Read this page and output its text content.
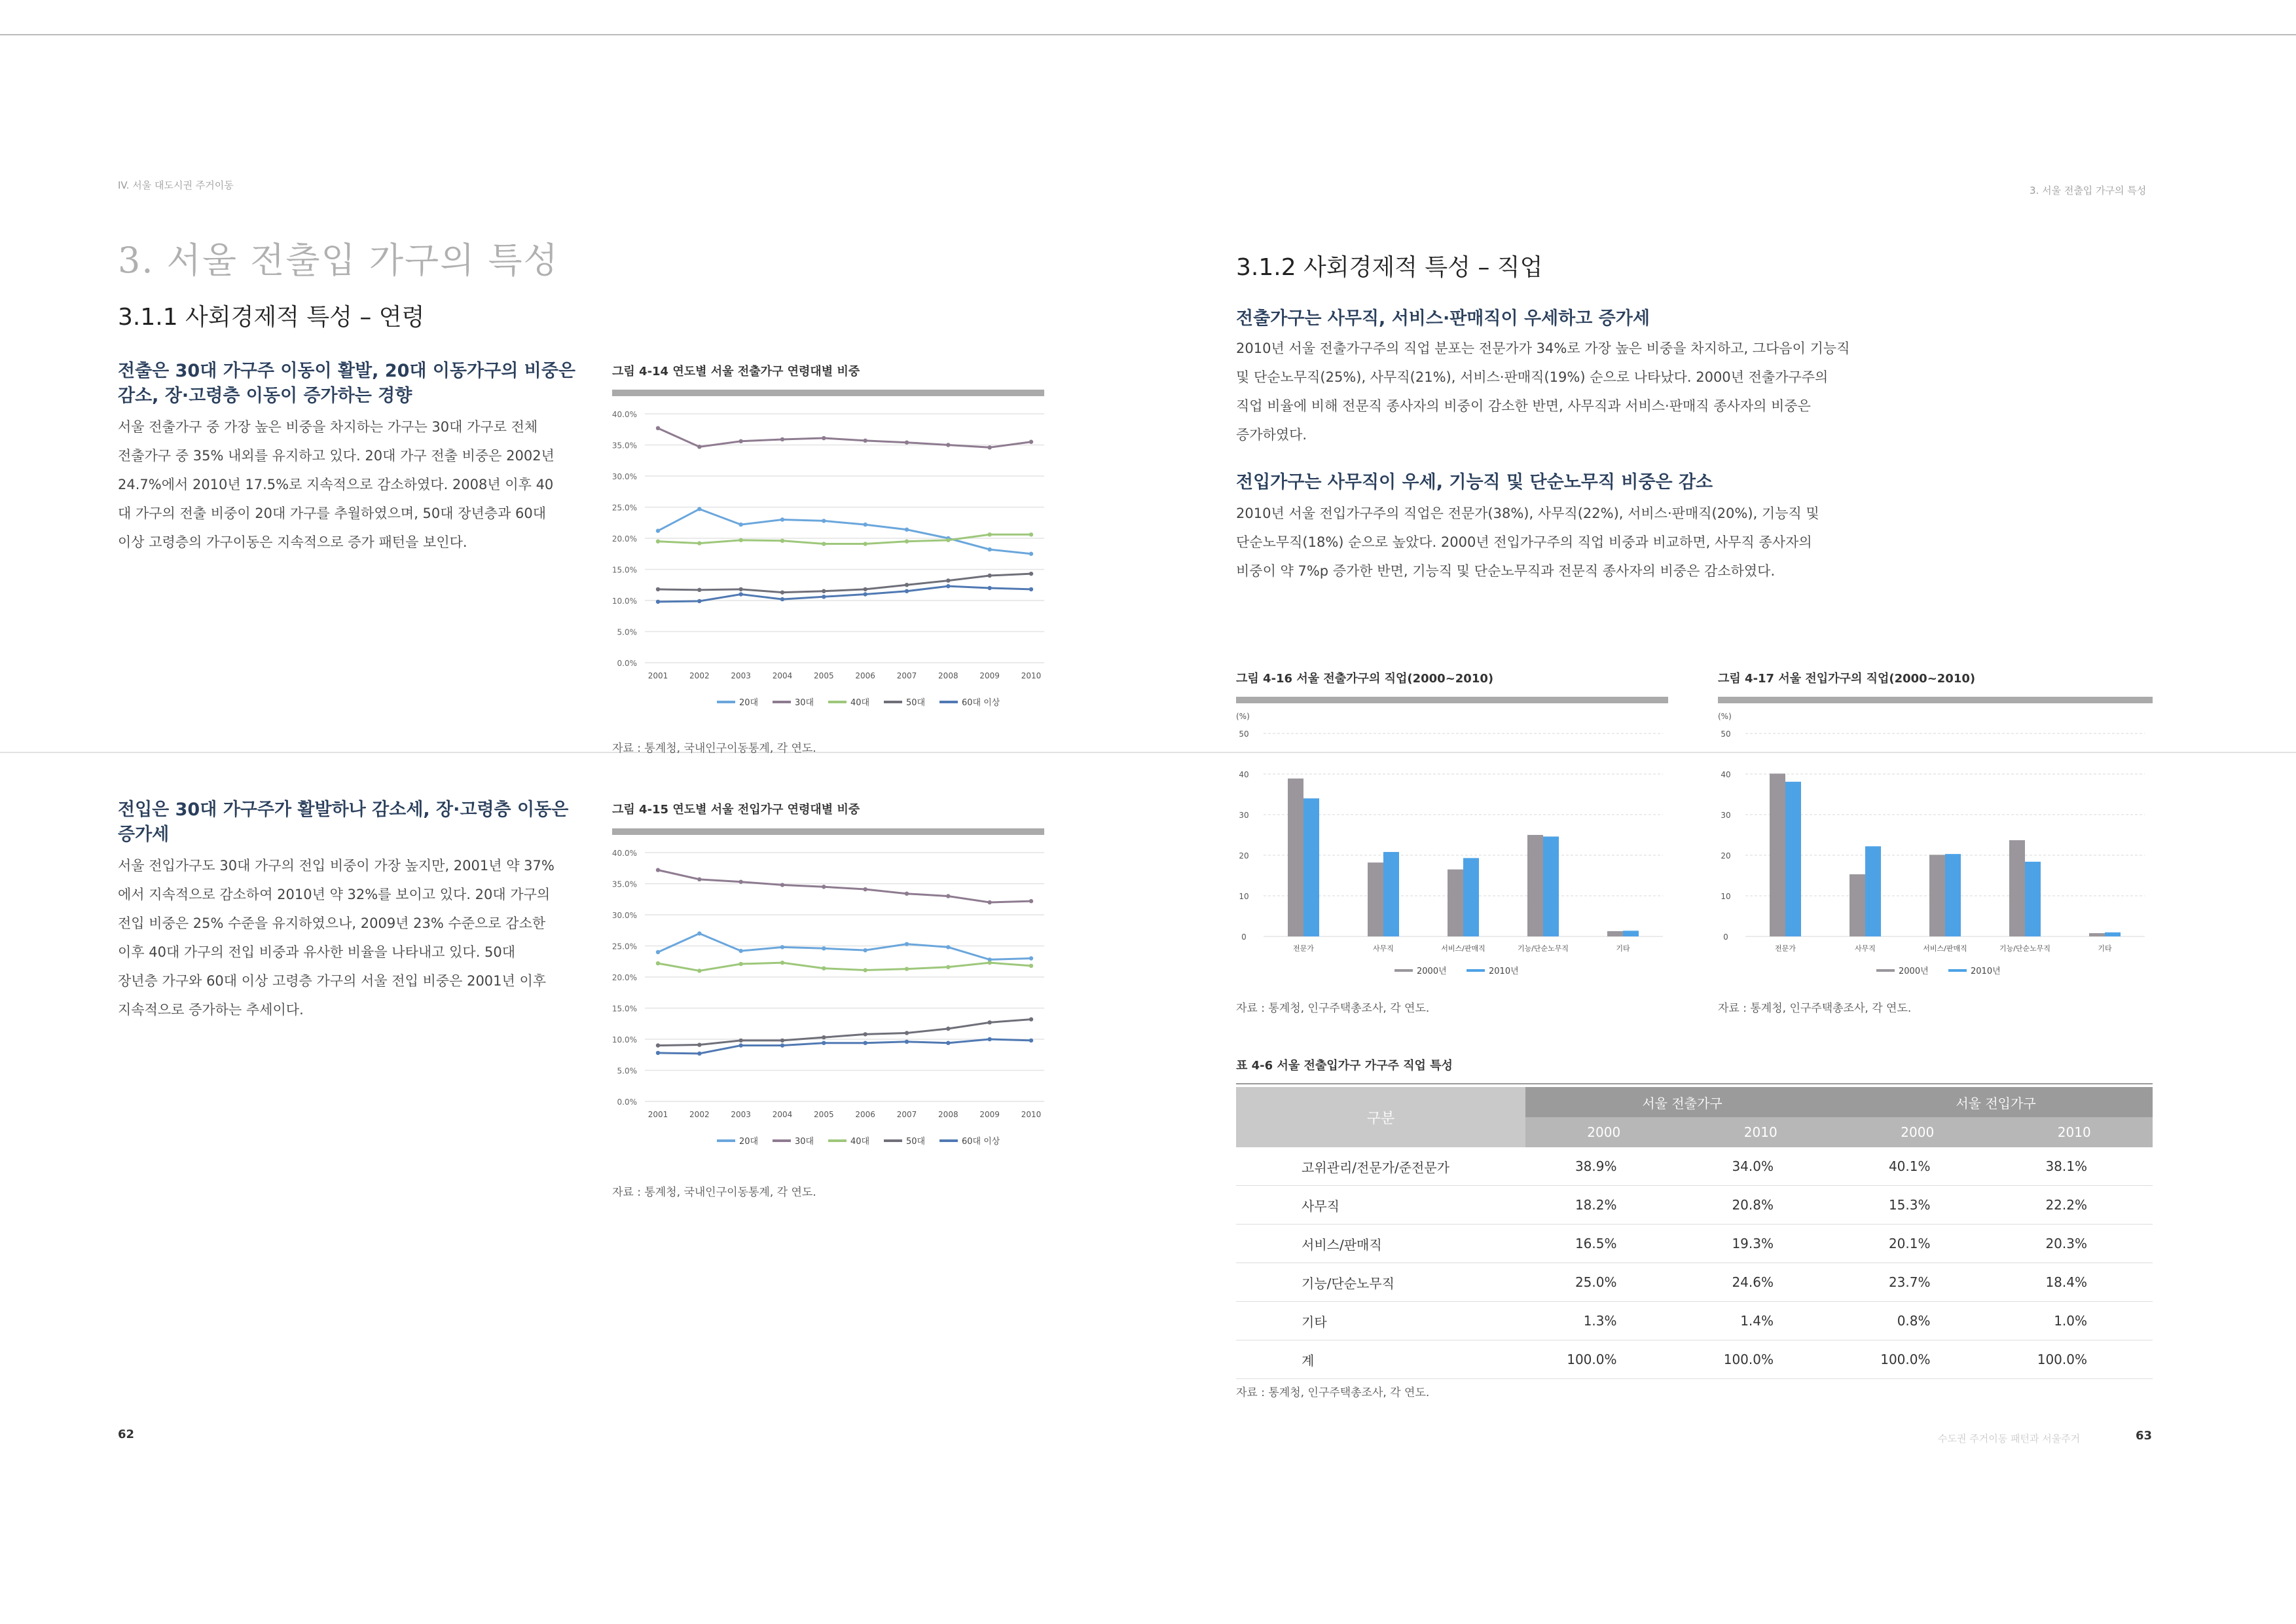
IV. 서울 대도시권 주거이동
3. 서울 전출입 가구의 특성
3.1.1 사회경제적 특성 – 연령
전출은 30대 가구주 이동이 활발, 20대 이동가구의 비중은
감소, 장·고령층 이동이 증가하는 경향
서울 전출가구 중 가장 높은 비중을 차지하는 가구는 30대 가구로 전체
전출가구 중 35% 내외를 유지하고 있다. 20대 가구 전출 비중은 2002년
24.7%에서 2010년 17.5%로 지속적으로 감소하였다. 2008년 이후 40
대 가구의 전출 비중이 20대 가구를 추월하였으며, 50대 장년층과 60대
이상 고령층의 가구이동은 지속적으로 증가 패턴을 보인다.
전입은 30대 가구주가 활발하나 감소세, 장·고령층 이동은
증가세
서울 전입가구도 30대 가구의 전입 비중이 가장 높지만, 2001년 약 37%
에서 지속적으로 감소하여 2010년 약 32%를 보이고 있다. 20대 가구의
전입 비중은 25% 수준을 유지하였으나, 2009년 23% 수준으로 감소한
이후 40대 가구의 전입 비중과 유사한 비율을 나타내고 있다. 50대
장년층 가구와 60대 이상 고령층 가구의 서울 전입 비중은 2001년 이후
지속적으로 증가하는 추세이다.
그림 4-14 연도별 서울 전출가구 연령대별 비중
0.0%
5.0%
10.0%
15.0%
20.0%
25.0%
30.0%
35.0%
40.0%
2001	2002	2003	2004	2005	2006	2007	2008	2009	2010
20대	30대	40대	50대	60대 이상
자료 : 통계청, 국내인구이동통계, 각 연도.
그림 4-15 연도별 서울 전입가구 연령대별 비중
0.0%
5.0%
10.0%
15.0%
20.0%
25.0%
30.0%
35.0%
40.0%
2001	2002	2003	2004	2005	2006	2007	2008	2009	2010
20대	30대	40대	50대	60대 이상
자료 : 통계청, 국내인구이동통계, 각 연도.
62
3. 서울 전출입 가구의 특성
3.1.2 사회경제적 특성 – 직업
전출가구는 사무직, 서비스·판매직이 우세하고 증가세
2010년 서울 전출가구주의 직업 분포는 전문가가 34%로 가장 높은 비중을 차지하고, 그다음이 기능직
및 단순노무직(25%), 사무직(21%), 서비스·판매직(19%) 순으로 나타났다. 2000년 전출가구주의
직업 비율에 비해 전문직 종사자의 비중이 감소한 반면, 사무직과 서비스·판매직 종사자의 비중은
증가하였다.
전입가구는 사무직이 우세, 기능직 및 단순노무직 비중은 감소
2010년 서울 전입가구주의 직업은 전문가(38%), 사무직(22%), 서비스·판매직(20%), 기능직 및
단순노무직(18%) 순으로 높았다. 2000년 전입가구주의 직업 비중과 비교하면, 사무직 종사자의
비중이 약 7%p 증가한 반면, 기능직 및 단순노무직과 전문직 종사자의 비중은 감소하였다.
그림 4-16 서울 전출가구의 직업(2000~2010)
(%)
0
10
20
30
40
50
전문가	사무직	서비스/판매직	기능/단순노무직	기타
2000년	2010년
자료 : 통계청, 인구주택총조사, 각 연도.
그림 4-17 서울 전입가구의 직업(2000~2010)
(%)
0
10
20
30
40
50
전문가	사무직	서비스/판매직	기능/단순노무직	기타
2000년	2010년
자료 : 통계청, 인구주택총조사, 각 연도.
표 4-6 서울 전출입가구 가구주 직업 특성
구분	서울 전출가구		서울 전입가구	
	2000	2010	2000	2010
고위관리/전문가/준전문가	38.9%	34.0%	40.1%	38.1%
사무직	18.2%	20.8%	15.3%	22.2%
서비스/판매직	16.5%	19.3%	20.1%	20.3%
기능/단순노무직	25.0%	24.6%	23.7%	18.4%
기타	1.3%	1.4%	0.8%	1.0%
계	100.0%	100.0%	100.0%	100.0%
자료 : 통계청, 인구주택총조사, 각 연도.
수도권 주거이동 패턴과 서울주거	63
